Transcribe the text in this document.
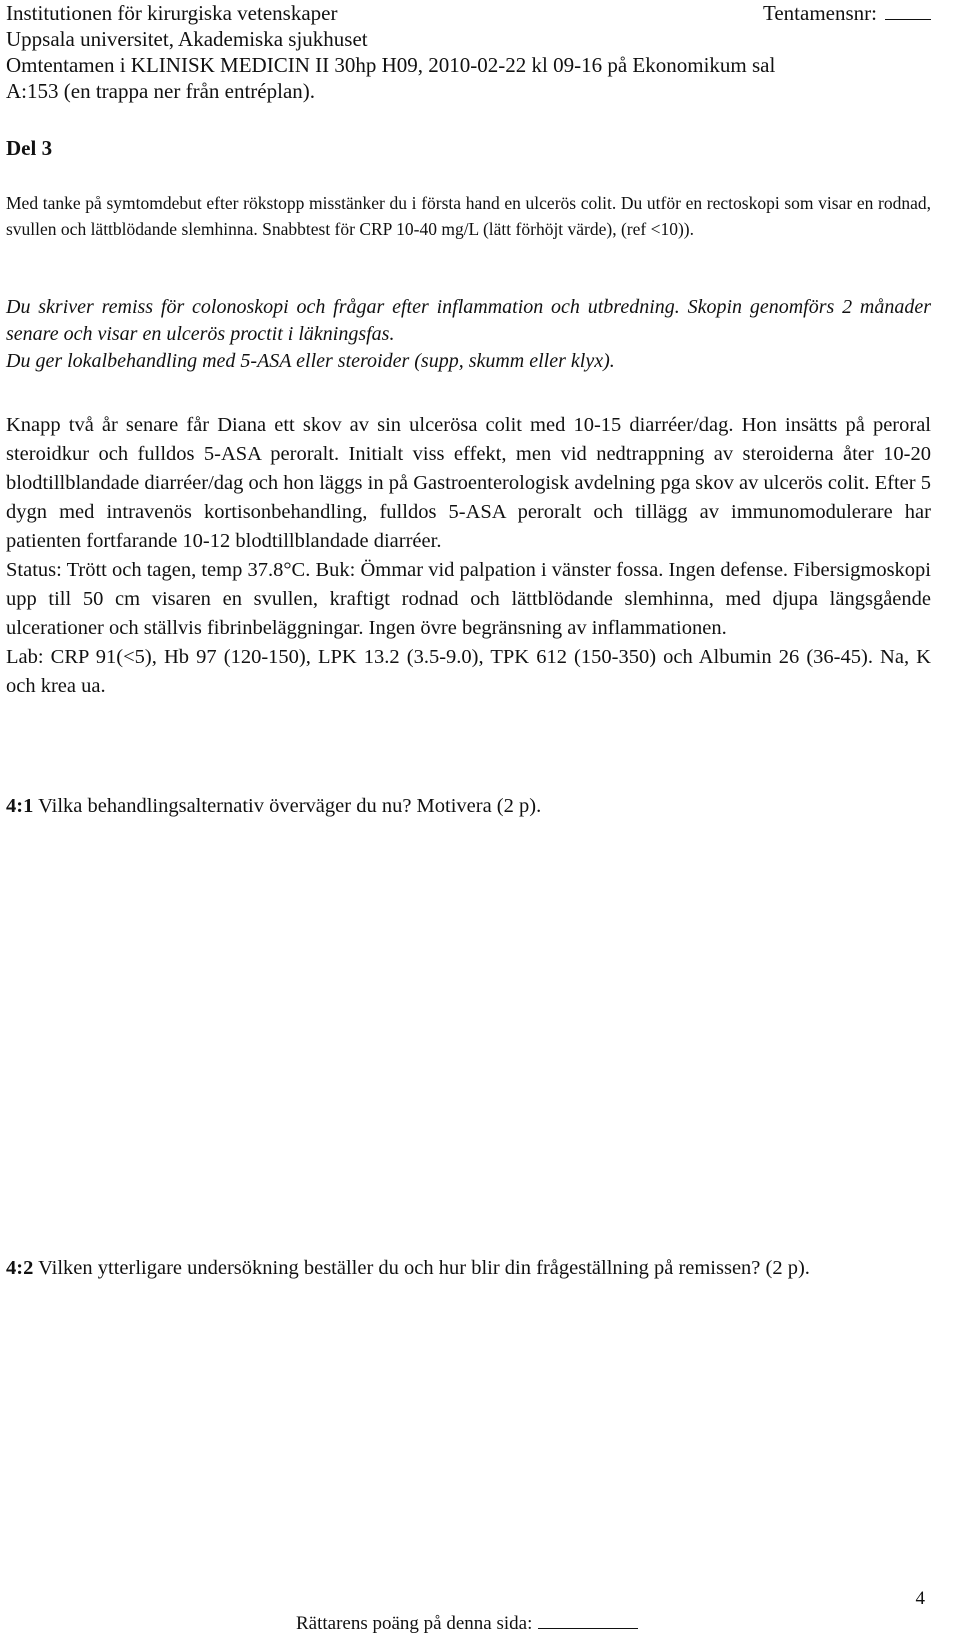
Institutionen för kirurgiska vetenskaper	Tentamensnr:
Uppsala universitet, Akademiska sjukhuset
Omtentamen i KLINISK MEDICIN II 30hp H09, 2010-02-22 kl 09-16 på Ekonomikum sal
A:153 (en trappa ner från entréplan).
Del 3
Med tanke på symtomdebut efter rökstopp misstänker du i första hand en ulcerös colit. Du utför en rectoskopi som visar en rodnad, svullen och lättblödande slemhinna. Snabbtest för CRP 10-40 mg/L (lätt förhöjt värde), (ref <10)).

Du skriver remiss för colonoskopi och frågar efter inflammation och utbredning. Skopin genomförs 2 månader senare och visar en ulcerös proctit i läkningsfas.

Du ger lokalbehandling med 5-ASA eller steroider (supp, skumm eller klyx).

Knapp två år senare får Diana ett skov av sin ulcerösa colit med 10-15 diarréer/dag. Hon insätts på peroral steroidkur och fulldos 5-ASA peroralt. Initialt viss effekt, men vid nedtrappning av steroiderna åter 10-20 blodtillblandade diarréer/dag och hon läggs in på Gastroenterologisk avdelning pga skov av ulcerös colit. Efter 5 dygn med intravenös kortisonbehandling, fulldos 5-ASA peroralt och tillägg av immunomodulerare har patienten fortfarande 10-12 blodtillblandade diarréer.

Status: Trött och tagen, temp 37.8°C. Buk: Ömmar vid palpation i vänster fossa. Ingen defense. Fibersigmoskopi upp till 50 cm visaren en svullen, kraftigt rodnad och lättblödande slemhinna, med djupa längsgående ulcerationer och ställvis fibrinbeläggningar. Ingen övre begränsning av inflammationen.

Lab: CRP 91(<5), Hb 97 (120-150), LPK 13.2 (3.5-9.0), TPK 612 (150-350) och Albumin 26 (36-45). Na, K och krea ua.

4:1 Vilka behandlingsalternativ överväger du nu? Motivera (2 p).
4:2 Vilken ytterligare undersökning beställer du och hur blir din frågeställning på remissen? (2 p).
4
Rättarens poäng på denna sida:
